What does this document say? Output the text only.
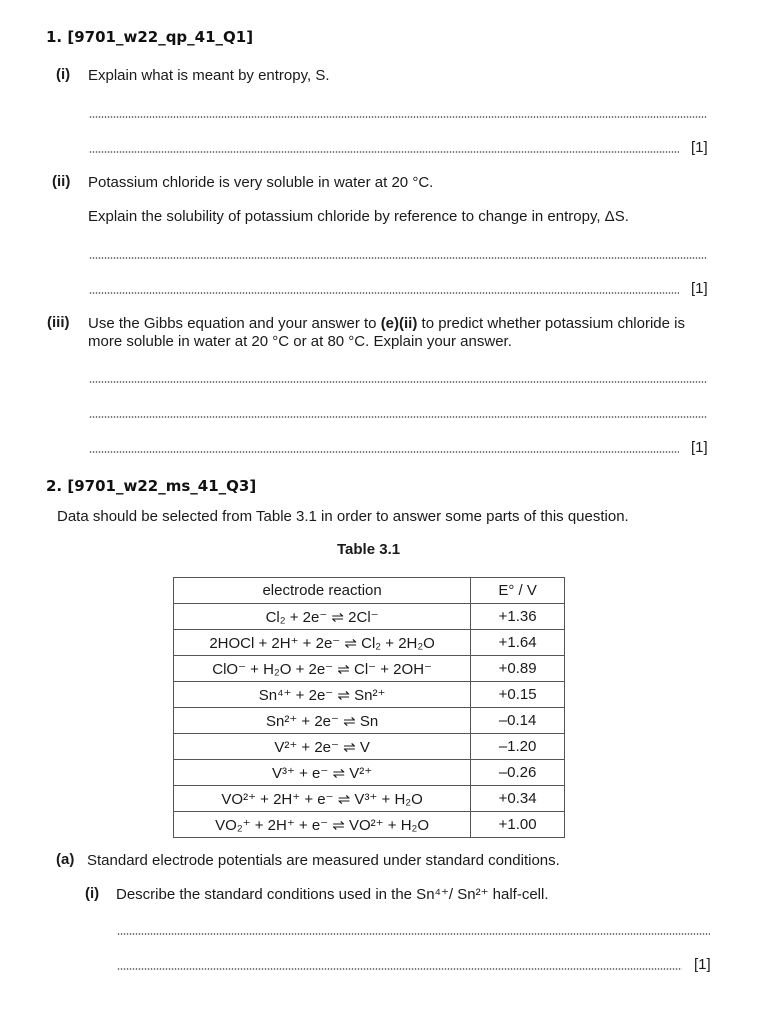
1. [9701_w22_qp_41_Q1]
(i) Explain what is meant by entropy, S.
[1]
(ii) Potassium chloride is very soluble in water at 20 °C.
Explain the solubility of potassium chloride by reference to change in entropy, ΔS.
[1]
(iii) Use the Gibbs equation and your answer to (e)(ii) to predict whether potassium chloride is
more soluble in water at 20 °C or at 80 °C. Explain your answer.
[1]
2. [9701_w22_ms_41_Q3]
Data should be selected from Table 3.1 in order to answer some parts of this question.
Table 3.1
electrode reaction	E° / V
Cl₂ + 2e⁻ ⇌ 2Cl⁻	+1.36
2HOCl + 2H⁺ + 2e⁻ ⇌ Cl₂ + 2H₂O	+1.64
ClO⁻ + H₂O + 2e⁻ ⇌ Cl⁻ + 2OH⁻	+0.89
Sn⁴⁺ + 2e⁻ ⇌ Sn²⁺	+0.15
Sn²⁺ + 2e⁻ ⇌ Sn	–0.14
V²⁺ + 2e⁻ ⇌ V	–1.20
V³⁺ + e⁻ ⇌ V²⁺	–0.26
VO²⁺ + 2H⁺ + e⁻ ⇌ V³⁺ + H₂O	+0.34
VO₂⁺ + 2H⁺ + e⁻ ⇌ VO²⁺ + H₂O	+1.00
(a) Standard electrode potentials are measured under standard conditions.
(i) Describe the standard conditions used in the Sn⁴⁺/ Sn²⁺ half-cell.
[1]
